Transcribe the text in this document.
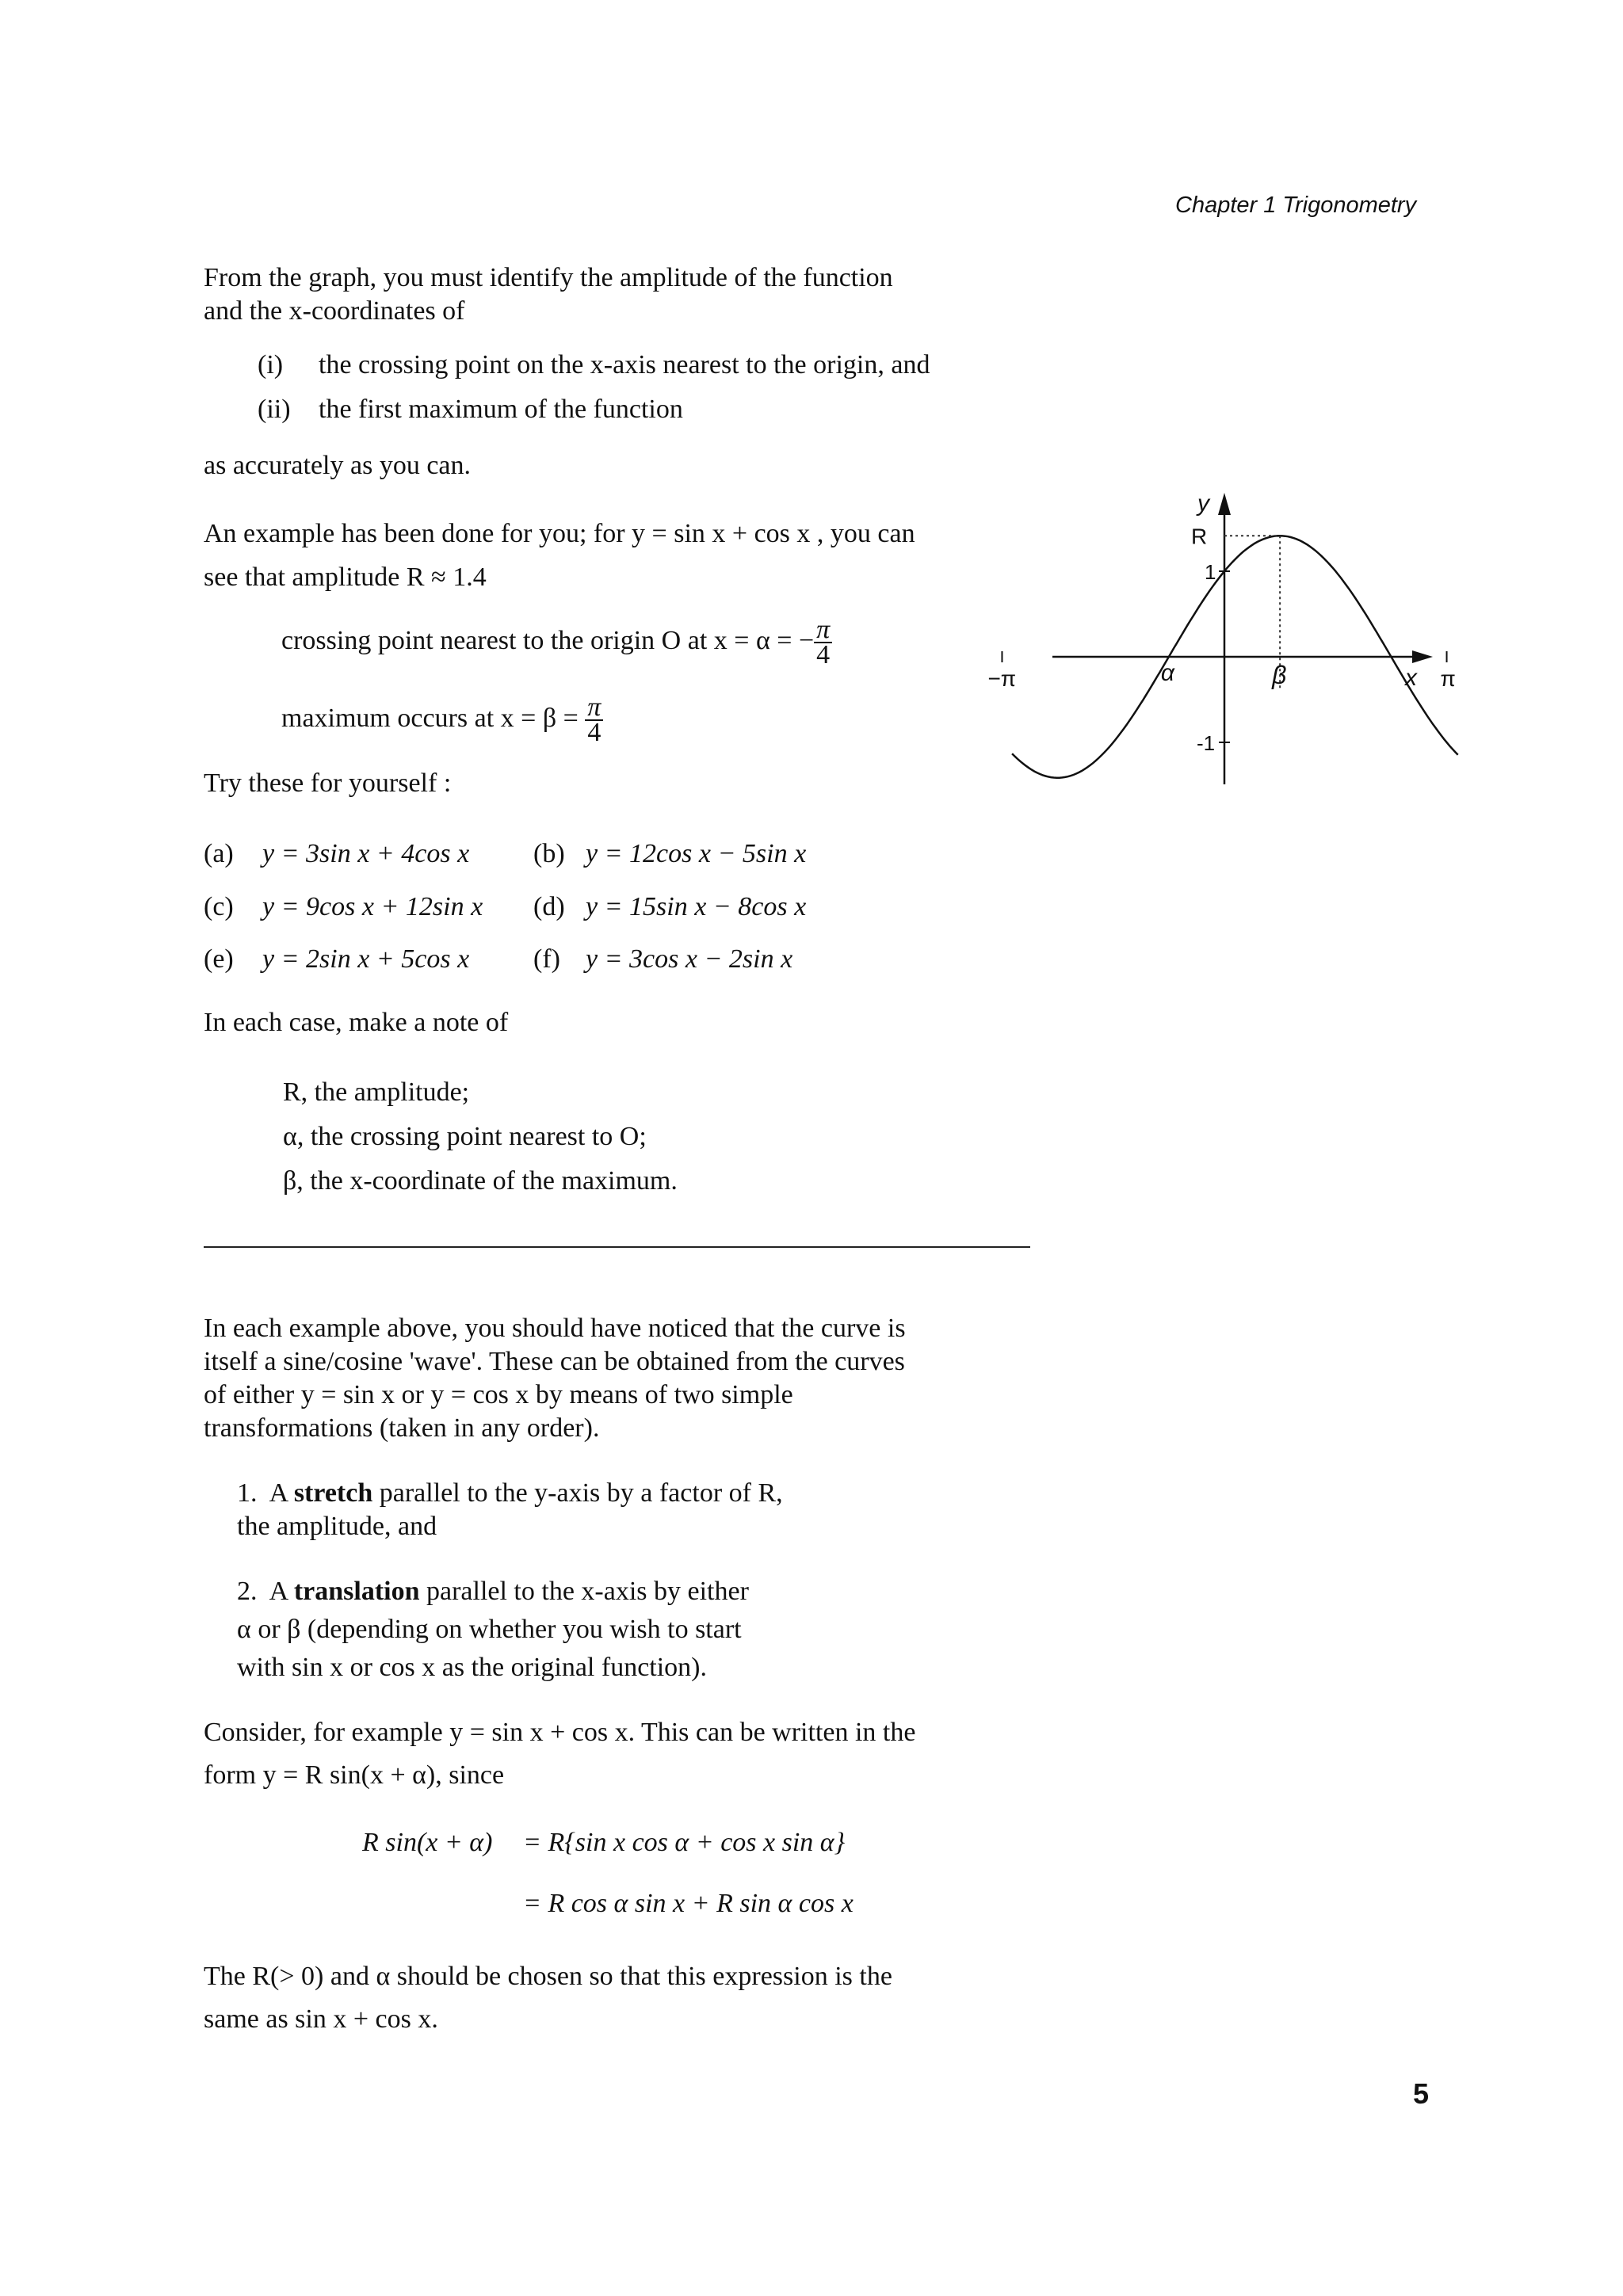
Chapter 1 Trigonometry
From the graph, you must identify the amplitude of the function
and the x-coordinates of
(i) the crossing point on the x-axis nearest to the origin, and
(ii) the first maximum of the function
as accurately as you can.
An example has been done for you; for y = sin x + cos x , you can
see that amplitude R ≈ 1.4
crossing point nearest to the origin O at x = α = − $\frac{\pi}{4}$
maximum occurs at $x = \beta = \frac{\pi}{4}$
Try these for yourself :
(a) y = 3sin x + 4cos x (b) y = 12cos x − 5sin x
(c) y = 9cos x + 12sin x (d) y = 15sin x − 8cos x
(e) y = 2sin x + 5cos x (f) y = 3cos x − 2sin x
In each case, make a note of
R, the amplitude;
α, the crossing point nearest to O;
β, the x-coordinate of the maximum.
In each example above, you should have noticed that the curve is
itself a sine/cosine 'wave'. These can be obtained from the curves
of either y = sin x or y = cos x by means of two simple
transformations (taken in any order).
1. A stretch parallel to the y-axis by a factor of R,
the amplitude, and
2. A translation parallel to the x-axis by either
α or β (depending on whether you wish to start
with sin x or cos x as the original function).
Consider, for example y = sin x + cos x. This can be written in the
form y = R sin(x + α), since
R sin(x + α) = R{sin x cos α + cos x sin α}
= R cos α sin x + R sin α cos x
The R(> 0) and α should be chosen so that this expression is the
same as sin x + cos x.
5
y
x
R
1
-1
−π	π
α	β
